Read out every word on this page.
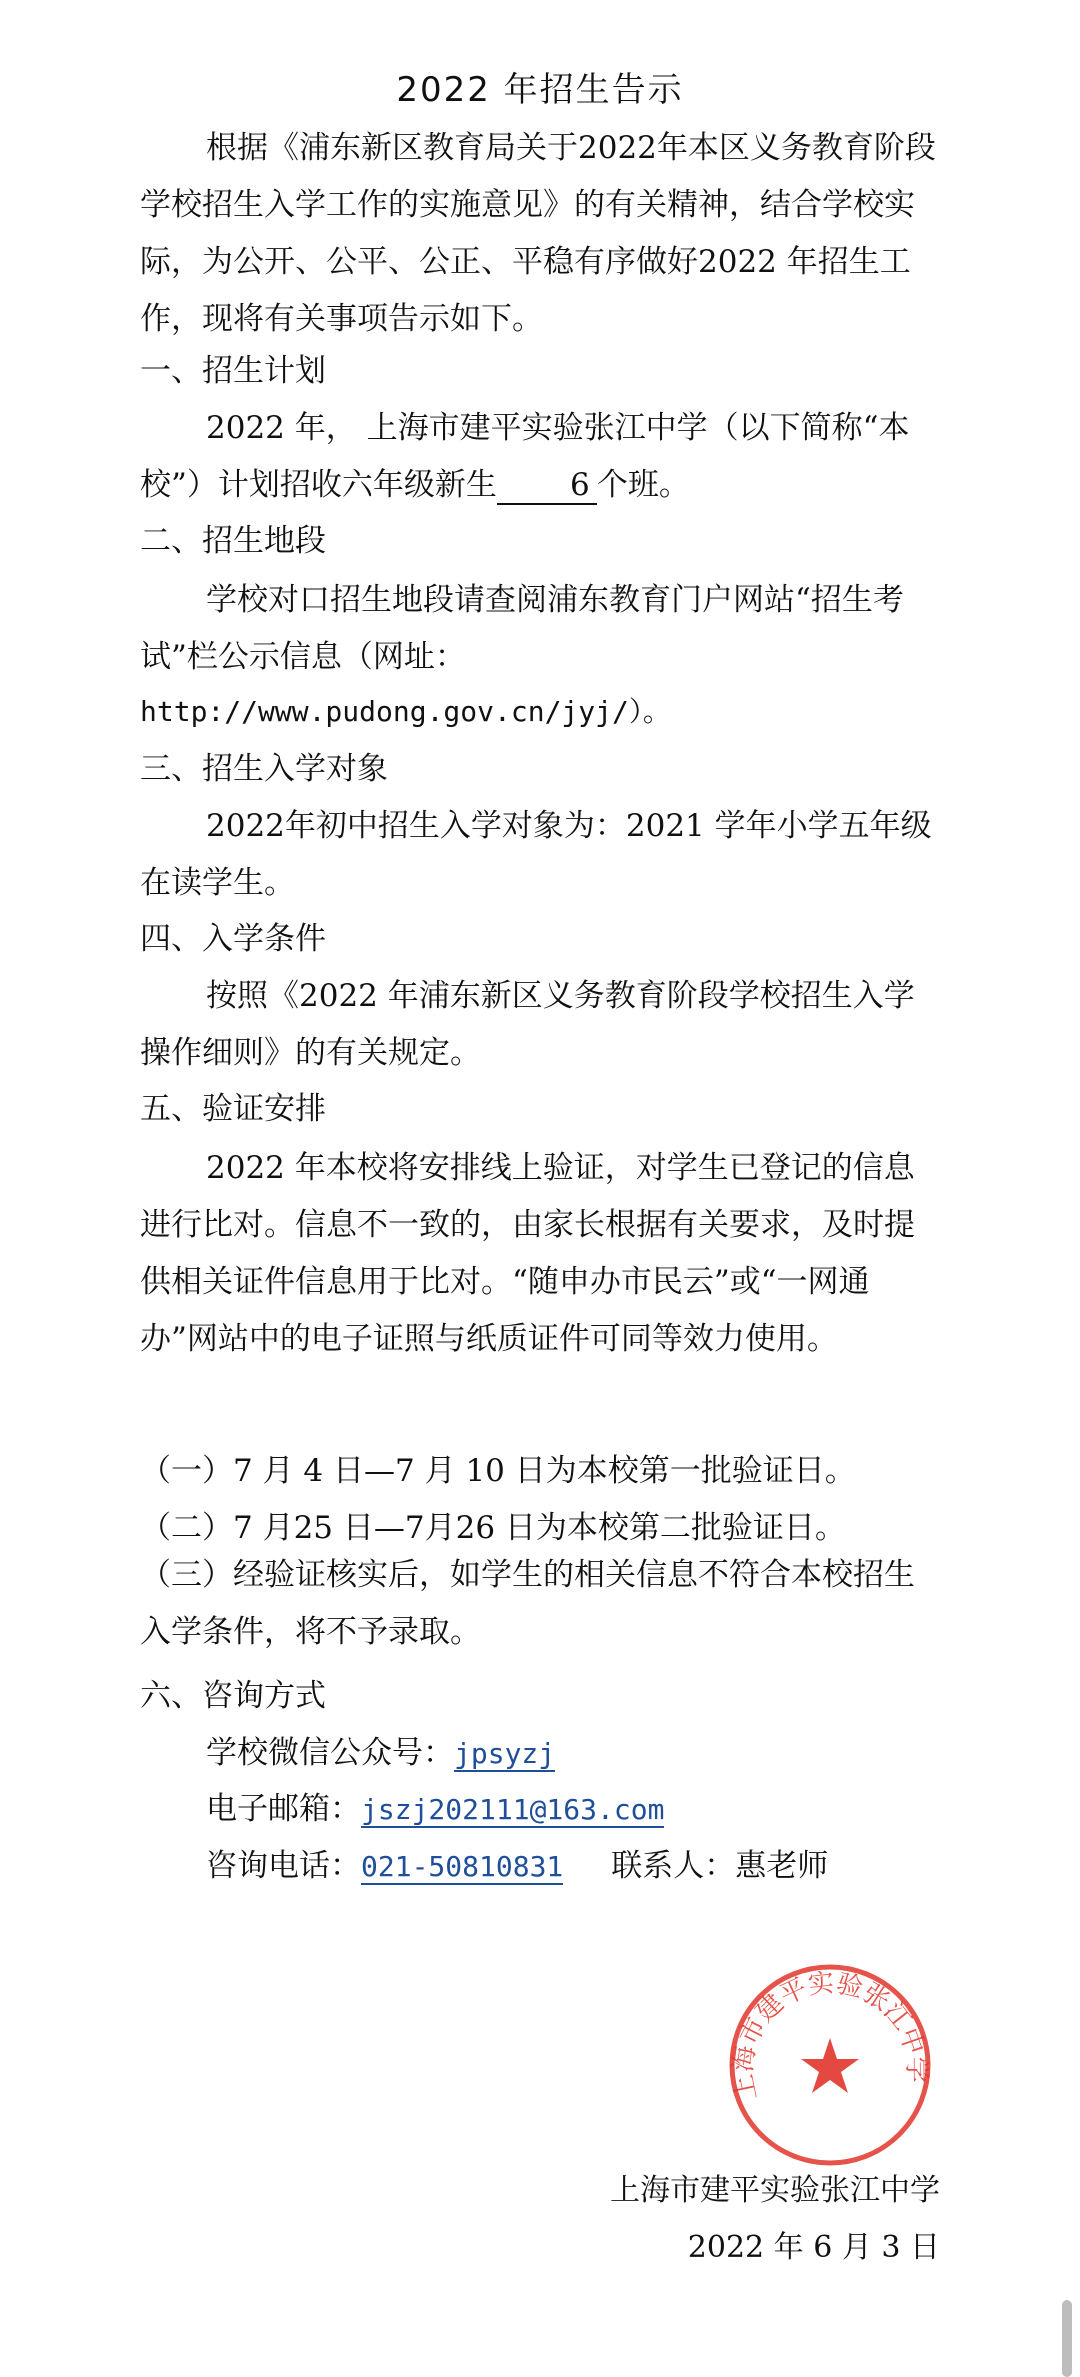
2022 年招生告示
根据《浦东新区教育局关于2022年本区义务教育阶段学校招生入学工作的实施意见》的有关精神，结合学校实际，为公开、公平、公正、平稳有序做好2022 年招生工作，现将有关事项告示如下。
一、招生计划
2022 年， 上海市建平实验张江中学（以下简称“本校”）计划招收六年级新生 6 个班。
二、招生地段
学校对口招生地段请查阅浦东教育门户网站“招生考试”栏公示信息（网址：
http://www.pudong.gov.cn/jyj/）。
三、招生入学对象
2022年初中招生入学对象为：2021 学年小学五年级在读学生。
四、入学条件
按照《2022 年浦东新区义务教育阶段学校招生入学操作细则》的有关规定。
五、验证安排
2022 年本校将安排线上验证，对学生已登记的信息进行比对。信息不一致的，由家长根据有关要求，及时提供相关证件信息用于比对。“随申办市民云”或“一网通办”网站中的电子证照与纸质证件可同等效力使用。
（一）7 月 4 日—7 月 10 日为本校第一批验证日。
（二）7 月25 日—7月26 日为本校第二批验证日。
（三）经验证核实后，如学生的相关信息不符合本校招生入学条件，将不予录取。
六、咨询方式
学校微信公众号：jpsyzj
电子邮箱：jszj202111@163.com
咨询电话：021-50810831 联系人：惠老师
上海市建平实验张江中学
上海市建平实验张江中学
2022 年 6 月 3 日
